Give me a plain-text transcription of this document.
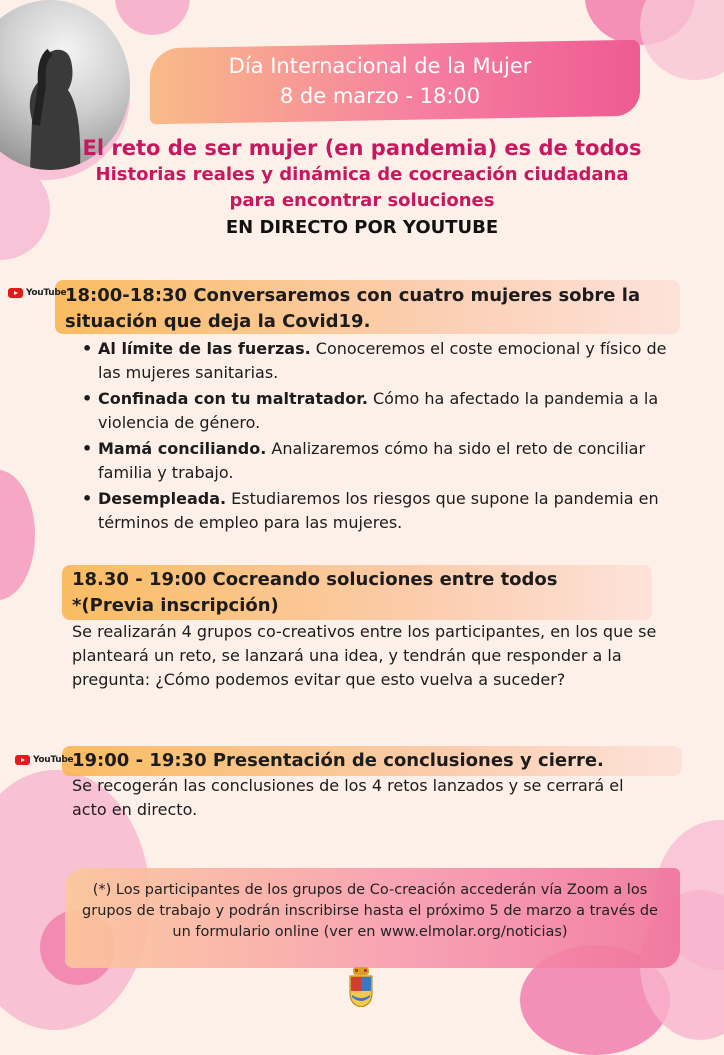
Día Internacional de la Mujer
8 de marzo - 18:00
El reto de ser mujer (en pandemia) es de todos
Historias reales y dinámica de cocreación ciudadana
para encontrar soluciones
EN DIRECTO POR YOUTUBE
YouTube
18:00-18:30 Conversaremos con cuatro mujeres sobre la situación que deja la Covid19.
• Al límite de las fuerzas. Conoceremos el coste emocional y físico de las mujeres sanitarias.
• Confinada con tu maltratador. Cómo ha afectado la pandemia a la violencia de género.
• Mamá conciliando. Analizaremos cómo ha sido el reto de conciliar familia y trabajo.
• Desempleada. Estudiaremos los riesgos que supone la pandemia en términos de empleo para las mujeres.
18.30 - 19:00 Cocreando soluciones entre todos
*(Previa inscripción)
Se realizarán 4 grupos co-creativos entre los participantes, en los que se planteará un reto, se lanzará una idea, y tendrán que responder a la pregunta: ¿Cómo podemos evitar que esto vuelva a suceder?
YouTube
19:00 - 19:30 Presentación de conclusiones y cierre.
Se recogerán las conclusiones de los 4 retos lanzados y se cerrará el acto en directo.
(*) Los participantes de los grupos de Co-creación accederán vía Zoom a los grupos de trabajo y podrán inscribirse hasta el próximo 5 de marzo a través de un formulario online (ver en www.elmolar.org/noticias)
